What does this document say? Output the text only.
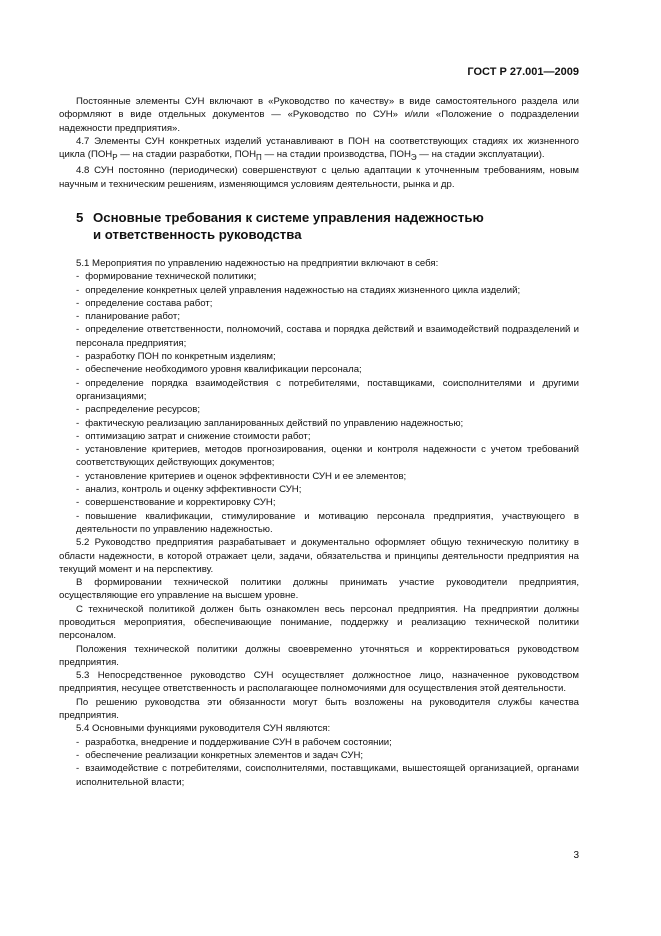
ГОСТ Р 27.001—2009

Постоянные элементы СУН включают в «Руководство по качеству» в виде самостоятельного раздела или оформляют в виде отдельных документов — «Руководство по СУН» и/или «Положение о подразделении надежности предприятия».

4.7 Элементы СУН конкретных изделий устанавливают в ПОН на соответствующих стадиях их жизненного цикла ($ПОН_Р$ — на стадии разработки, $ПОН_П$ — на стадии производства, $ПОН_Э$ — на стадии эксплуатации).

4.8 СУН постоянно (периодически) совершенствуют с целью адаптации к уточненным требованиям, новым научным и техническим решениям, изменяющимся условиям деятельности, рынка и др.

5 Основные требования к системе управления надежностью
и ответственность руководства

5.1 Мероприятия по управлению надежностью на предприятии включают в себя:

- формирование технической политики;

- определение конкретных целей управления надежностью на стадиях жизненного цикла изделий;

- определение состава работ;

- планирование работ;

- определение ответственности, полномочий, состава и порядка действий и взаимодействий подразделений и персонала предприятия;

- разработку ПОН по конкретным изделиям;

- обеспечение необходимого уровня квалификации персонала;

- определение порядка взаимодействия с потребителями, поставщиками, соисполнителями и другими организациями;

- распределение ресурсов;

- фактическую реализацию запланированных действий по управлению надежностью;

- оптимизацию затрат и снижение стоимости работ;

- установление критериев, методов прогнозирования, оценки и контроля надежности с учетом требований соответствующих действующих документов;

- установление критериев и оценок эффективности СУН и ее элементов;

- анализ, контроль и оценку эффективности СУН;

- совершенствование и корректировку СУН;

- повышение квалификации, стимулирование и мотивацию персонала предприятия, участвующего в деятельности по управлению надежностью.

5.2 Руководство предприятия разрабатывает и документально оформляет общую техническую политику в области надежности, в которой отражает цели, задачи, обязательства и принципы деятельности предприятия на текущий момент и на перспективу.

В формировании технической политики должны принимать участие руководители предприятия, осуществляющие его управление на высшем уровне.

С технической политикой должен быть ознакомлен весь персонал предприятия. На предприятии должны проводиться мероприятия, обеспечивающие понимание, поддержку и реализацию технической политики персоналом.

Положения технической политики должны своевременно уточняться и корректироваться руководством предприятия.

5.3 Непосредственное руководство СУН осуществляет должностное лицо, назначенное руководством предприятия, несущее ответственность и располагающее полномочиями для осуществления этой деятельности.

По решению руководства эти обязанности могут быть возложены на руководителя службы качества предприятия.

5.4 Основными функциями руководителя СУН являются:

- разработка, внедрение и поддерживание СУН в рабочем состоянии;

- обеспечение реализации конкретных элементов и задач СУН;

- взаимодействие с потребителями, соисполнителями, поставщиками, вышестоящей организацией, органами исполнительной власти;

3
